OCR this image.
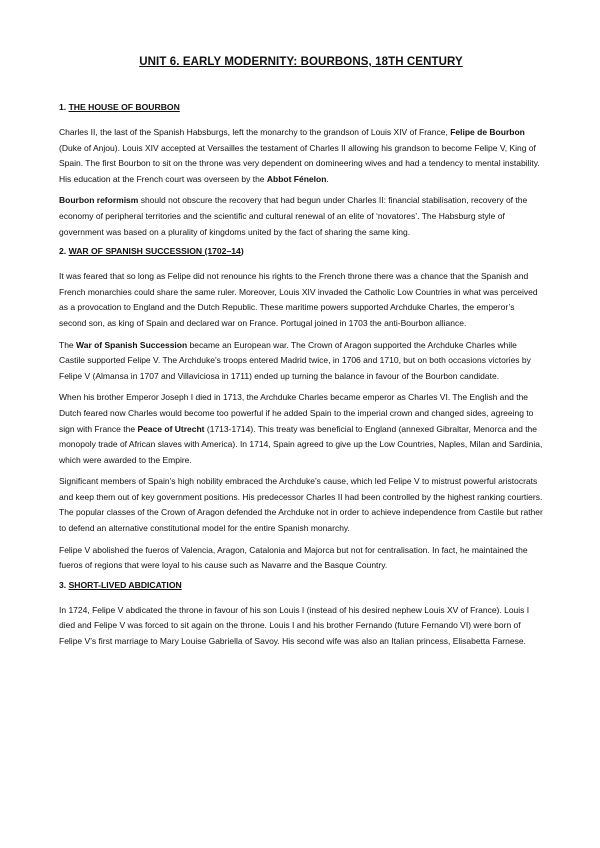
UNIT 6. EARLY MODERNITY: BOURBONS, 18TH CENTURY
1. THE HOUSE OF BOURBON

Charles II, the last of the Spanish Habsburgs, left the monarchy to the grandson of Louis XIV of France, Felipe de Bourbon (Duke of Anjou). Louis XIV accepted at Versailles the testament of Charles II allowing his grandson to become Felipe V, King of Spain. The first Bourbon to sit on the throne was very dependent on domineering wives and had a tendency to mental instability. His education at the French court was overseen by the Abbot Fénelon.

Bourbon reformism should not obscure the recovery that had begun under Charles II: financial stabilisation, recovery of the economy of peripheral territories and the scientific and cultural renewal of an elite of ‘novatores’. The Habsburg style of government was based on a plurality of kingdoms united by the fact of sharing the same king.

2. WAR OF SPANISH SUCCESSION (1702–14)

It was feared that so long as Felipe did not renounce his rights to the French throne there was a chance that the Spanish and French monarchies could share the same ruler. Moreover, Louis XIV invaded the Catholic Low Countries in what was perceived as a provocation to England and the Dutch Republic. These maritime powers supported Archduke Charles, the emperor’s second son, as king of Spain and declared war on France. Portugal joined in 1703 the anti-Bourbon alliance.

The War of Spanish Succession became an European war. The Crown of Aragon supported the Archduke Charles while Castile supported Felipe V. The Archduke’s troops entered Madrid twice, in 1706 and 1710, but on both occasions victories by Felipe V (Almansa in 1707 and Villaviciosa in 1711) ended up turning the balance in favour of the Bourbon candidate.

When his brother Emperor Joseph I died in 1713, the Archduke Charles became emperor as Charles VI. The English and the Dutch feared now Charles would become too powerful if he added Spain to the imperial crown and changed sides, agreeing to sign with France the Peace of Utrecht (1713-1714). This treaty was beneficial to England (annexed Gibraltar, Menorca and the monopoly trade of African slaves with America). In 1714, Spain agreed to give up the Low Countries, Naples, Milan and Sardinia, which were awarded to the Empire.

Significant members of Spain’s high nobility embraced the Archduke’s cause, which led Felipe V to mistrust powerful aristocrats and keep them out of key government positions. His predecessor Charles II had been controlled by the highest ranking courtiers. The popular classes of the Crown of Aragon defended the Archduke not in order to achieve independence from Castile but rather to defend an alternative constitutional model for the entire Spanish monarchy.

Felipe V abolished the fueros of Valencia, Aragon, Catalonia and Majorca but not for centralisation. In fact, he maintained the fueros of regions that were loyal to his cause such as Navarre and the Basque Country.

3. SHORT-LIVED ABDICATION

In 1724, Felipe V abdicated the throne in favour of his son Louis I (instead of his desired nephew Louis XV of France). Louis I died and Felipe V was forced to sit again on the throne. Louis I and his brother Fernando (future Fernando VI) were born of Felipe V’s first marriage to Mary Louise Gabriella of Savoy. His second wife was also an Italian princess, Elisabetta Farnese.
